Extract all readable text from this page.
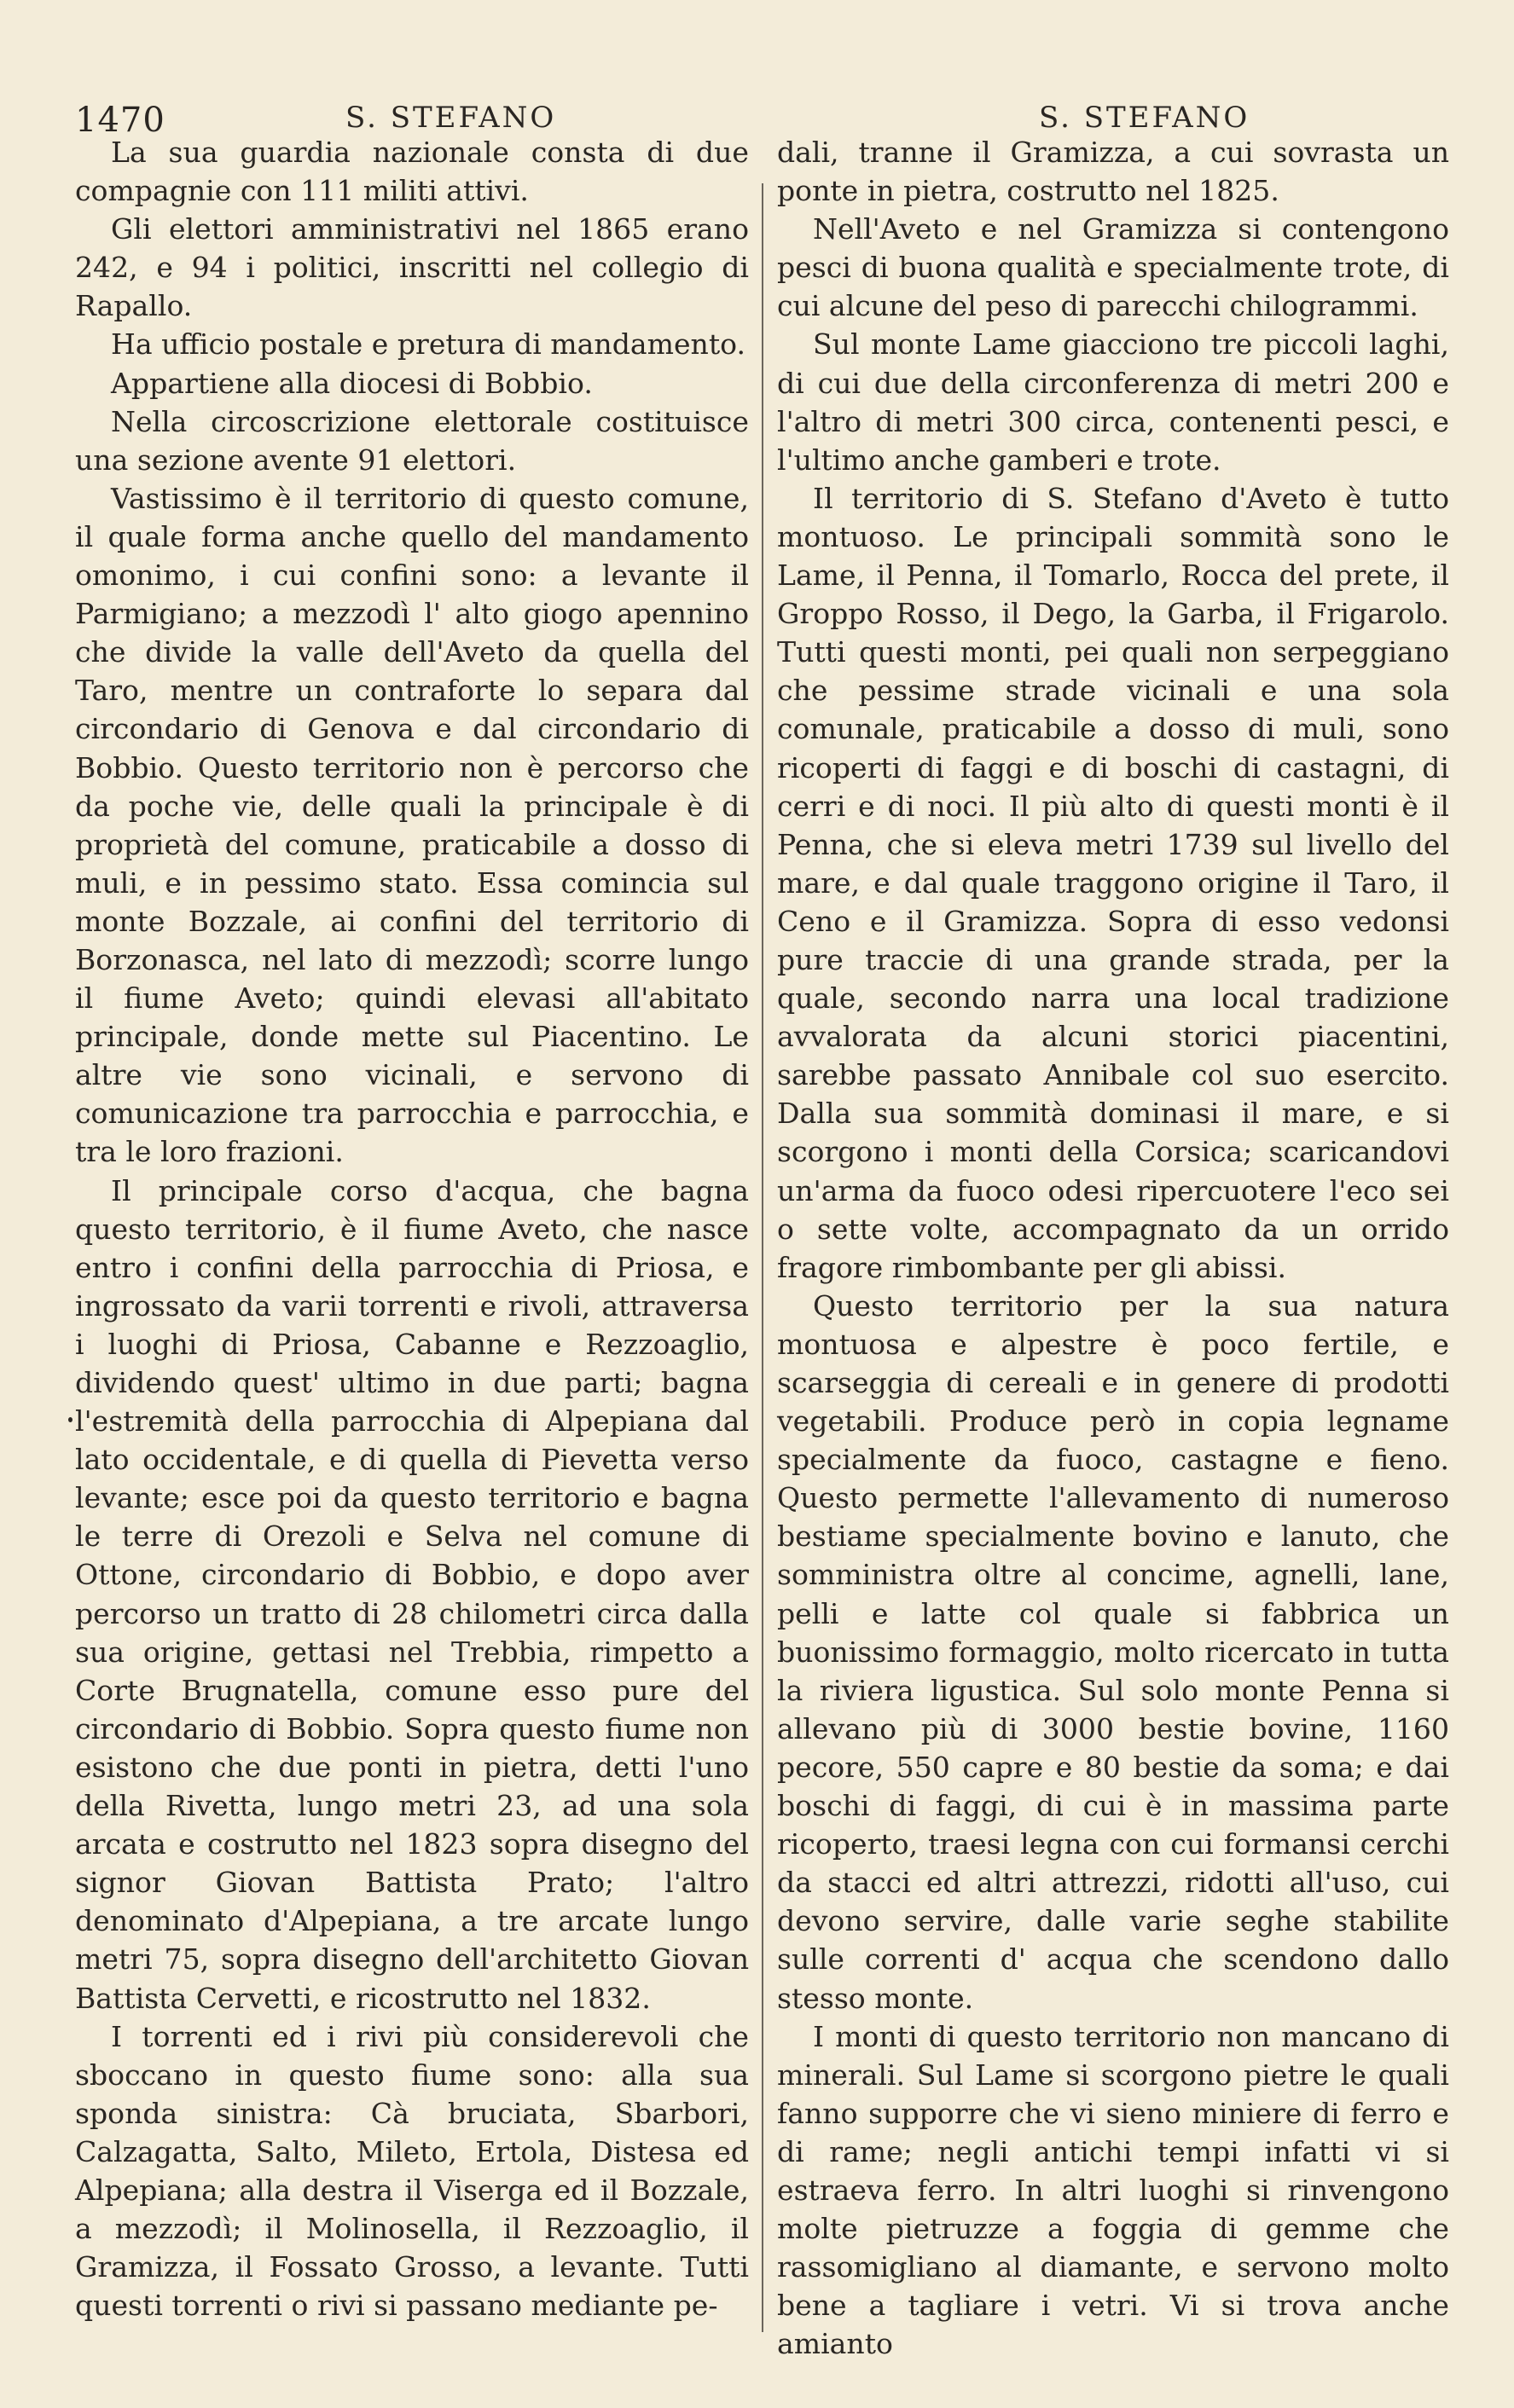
1470	S. STEFANO	S. STEFANO

La sua guardia nazionale consta di due compagnie con 111 militi attivi.

Gli elettori amministrativi nel 1865 erano 242, e 94 i politici, inscritti nel collegio di Rapallo.

Ha ufficio postale e pretura di mandamento.

Appartiene alla diocesi di Bobbio.

Nella circoscrizione elettorale costituisce una sezione avente 91 elettori.

Vastissimo è il territorio di questo comune, il quale forma anche quello del mandamento omonimo, i cui confini sono: a levante il Parmigiano; a mezzodì l' alto giogo apennino che divide la valle dell'Aveto da quella del Taro, mentre un contraforte lo separa dal circondario di Genova e dal circondario di Bobbio. Questo territorio non è percorso che da poche vie, delle quali la principale è di proprietà del comune, praticabile a dosso di muli, e in pessimo stato. Essa comincia sul monte Bozzale, ai confini del territorio di Borzonasca, nel lato di mezzodì; scorre lungo il fiume Aveto; quindi elevasi all'abitato principale, donde mette sul Piacentino. Le altre vie sono vicinali, e servono di comunicazione tra parrocchia e parrocchia, e tra le loro frazioni.

Il principale corso d'acqua, che bagna questo territorio, è il fiume Aveto, che nasce entro i confini della parrocchia di Priosa, e ingrossato da varii torrenti e rivoli, attraversa i luoghi di Priosa, Cabanne e Rezzoaglio, dividendo quest' ultimo in due parti; bagna l'estremità della parrocchia di Alpepiana dal lato occidentale, e di quella di Pievetta verso levante; esce poi da questo territorio e bagna le terre di Orezoli e Selva nel comune di Ottone, circondario di Bobbio, e dopo aver percorso un tratto di 28 chilometri circa dalla sua origine, gettasi nel Trebbia, rimpetto a Corte Brugnatella, comune esso pure del circondario di Bobbio. Sopra questo fiume non esistono che due ponti in pietra, detti l'uno della Rivetta, lungo metri 23, ad una sola arcata e costrutto nel 1823 sopra disegno del signor Giovan Battista Prato; l'altro denominato d'Alpepiana, a tre arcate lungo metri 75, sopra disegno dell'architetto Giovan Battista Cervetti, e ricostrutto nel 1832.

I torrenti ed i rivi più considerevoli che sboccano in questo fiume sono: alla sua sponda sinistra: Cà bruciata, Sbarbori, Calzagatta, Salto, Mileto, Ertola, Distesa ed Alpepiana; alla destra il Viserga ed il Bozzale, a mezzodì; il Molinosella, il Rezzoaglio, il Gramizza, il Fossato Grosso, a levante. Tutti questi torrenti o rivi si passano mediante pe-

dali, tranne il Gramizza, a cui sovrasta un ponte in pietra, costrutto nel 1825.

Nell'Aveto e nel Gramizza si contengono pesci di buona qualità e specialmente trote, di cui alcune del peso di parecchi chilogrammi.

Sul monte Lame giacciono tre piccoli laghi, di cui due della circonferenza di metri 200 e l'altro di metri 300 circa, contenenti pesci, e l'ultimo anche gamberi e trote.

Il territorio di S. Stefano d'Aveto è tutto montuoso. Le principali sommità sono le Lame, il Penna, il Tomarlo, Rocca del prete, il Groppo Rosso, il Dego, la Garba, il Frigarolo. Tutti questi monti, pei quali non serpeggiano che pessime strade vicinali e una sola comunale, praticabile a dosso di muli, sono ricoperti di faggi e di boschi di castagni, di cerri e di noci. Il più alto di questi monti è il Penna, che si eleva metri 1739 sul livello del mare, e dal quale traggono origine il Taro, il Ceno e il Gramizza. Sopra di esso vedonsi pure traccie di una grande strada, per la quale, secondo narra una local tradizione avvalorata da alcuni storici piacentini, sarebbe passato Annibale col suo esercito. Dalla sua sommità dominasi il mare, e si scorgono i monti della Corsica; scaricandovi un'arma da fuoco odesi ripercuotere l'eco sei o sette volte, accompagnato da un orrido fragore rimbombante per gli abissi.

Questo territorio per la sua natura montuosa e alpestre è poco fertile, e scarseggia di cereali e in genere di prodotti vegetabili. Produce però in copia legname specialmente da fuoco, castagne e fieno. Questo permette l'allevamento di numeroso bestiame specialmente bovino e lanuto, che somministra oltre al concime, agnelli, lane, pelli e latte col quale si fabbrica un buonissimo formaggio, molto ricercato in tutta la riviera ligustica. Sul solo monte Penna si allevano più di 3000 bestie bovine, 1160 pecore, 550 capre e 80 bestie da soma; e dai boschi di faggi, di cui è in massima parte ricoperto, traesi legna con cui formansi cerchi da stacci ed altri attrezzi, ridotti all'uso, cui devono servire, dalle varie seghe stabilite sulle correnti d' acqua che scendono dallo stesso monte.

I monti di questo territorio non mancano di minerali. Sul Lame si scorgono pietre le quali fanno supporre che vi sieno miniere di ferro e di rame; negli antichi tempi infatti vi si estraeva ferro. In altri luoghi si rinvengono molte pietruzze a foggia di gemme che rassomigliano al diamante, e servono molto bene a tagliare i vetri. Vi si trova anche amianto
